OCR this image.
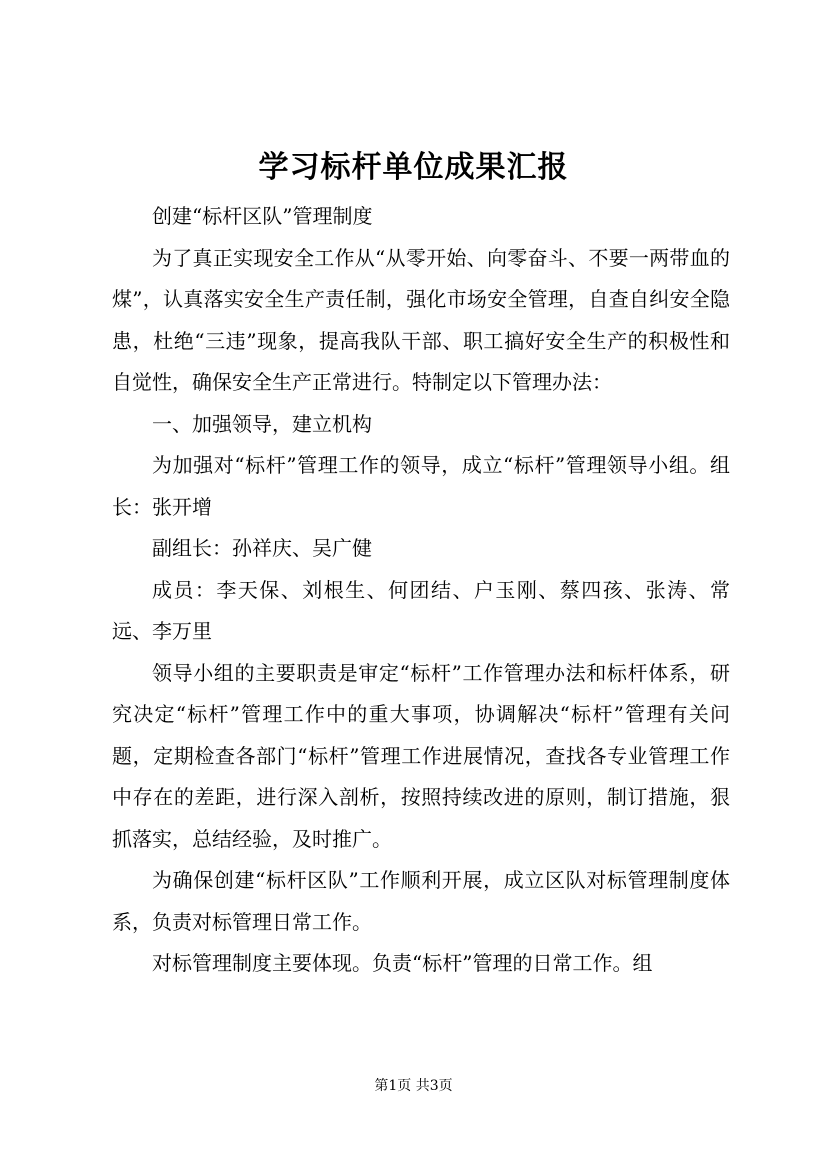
学习标杆单位成果汇报

创建“标杆区队”管理制度

为了真正实现安全工作从“从零开始、向零奋斗、不要一两带血的煤”，认真落实安全生产责任制，强化市场安全管理，自查自纠安全隐患，杜绝“三违”现象，提高我队干部、职工搞好安全生产的积极性和自觉性，确保安全生产正常进行。特制定以下管理办法：

一、加强领导，建立机构

为加强对“标杆”管理工作的领导，成立“标杆”管理领导小组。组长：张开增

副组长：孙祥庆、吴广健

成员：李天保、刘根生、何团结、户玉刚、蔡四孩、张涛、常远、李万里

领导小组的主要职责是审定“标杆”工作管理办法和标杆体系，研究决定“标杆”管理工作中的重大事项，协调解决“标杆”管理有关问题，定期检查各部门“标杆”管理工作进展情况，查找各专业管理工作中存在的差距，进行深入剖析，按照持续改进的原则，制订措施，狠抓落实，总结经验，及时推广。

为确保创建“标杆区队”工作顺利开展，成立区队对标管理制度体系，负责对标管理日常工作。

对标管理制度主要体现。负责“标杆”管理的日常工作。组

第1页 共3页
